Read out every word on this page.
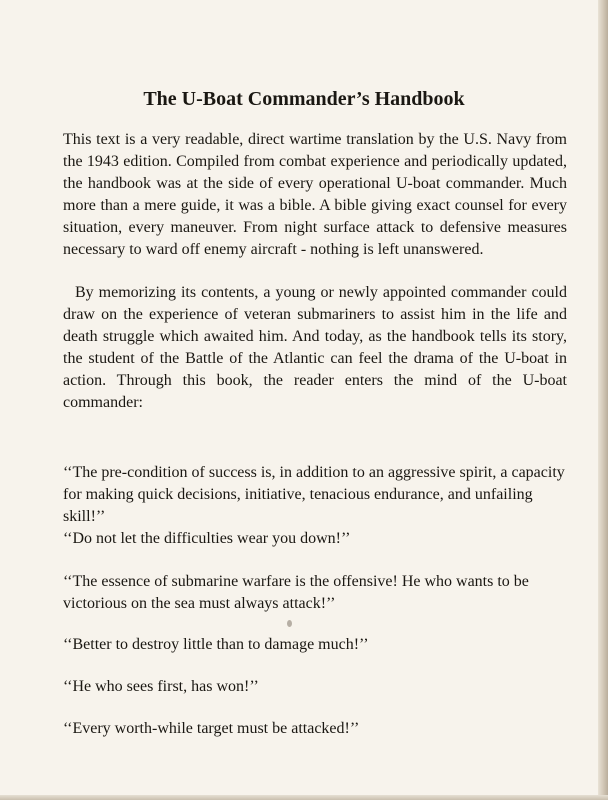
The U-Boat Commander’s Handbook

This text is a very readable, direct wartime translation by the U.S. Navy from the 1943 edition. Compiled from combat experience and periodically updated, the handbook was at the side of every operational U-boat commander. Much more than a mere guide, it was a bible. A bible giving exact counsel for every situation, every maneuver. From night surface attack to defensive measures necessary to ward off enemy aircraft - nothing is left unanswered.

By memorizing its contents, a young or newly appointed commander could draw on the experience of veteran submariners to assist him in the life and death struggle which awaited him. And today, as the handbook tells its story, the student of the Battle of the Atlantic can feel the drama of the U-boat in action. Through this book, the reader enters the mind of the U-boat commander:

‘‘The pre-condition of success is, in addition to an aggressive spirit, a capacity for making quick decisions, initiative, tenacious endurance, and unfailing skill!’’

‘‘Do not let the difficulties wear you down!’’

‘‘The essence of submarine warfare is the offensive! He who wants to be victorious on the sea must always attack!’’

‘‘Better to destroy little than to damage much!’’

‘‘He who sees first, has won!’’

‘‘Every worth-while target must be attacked!’’
